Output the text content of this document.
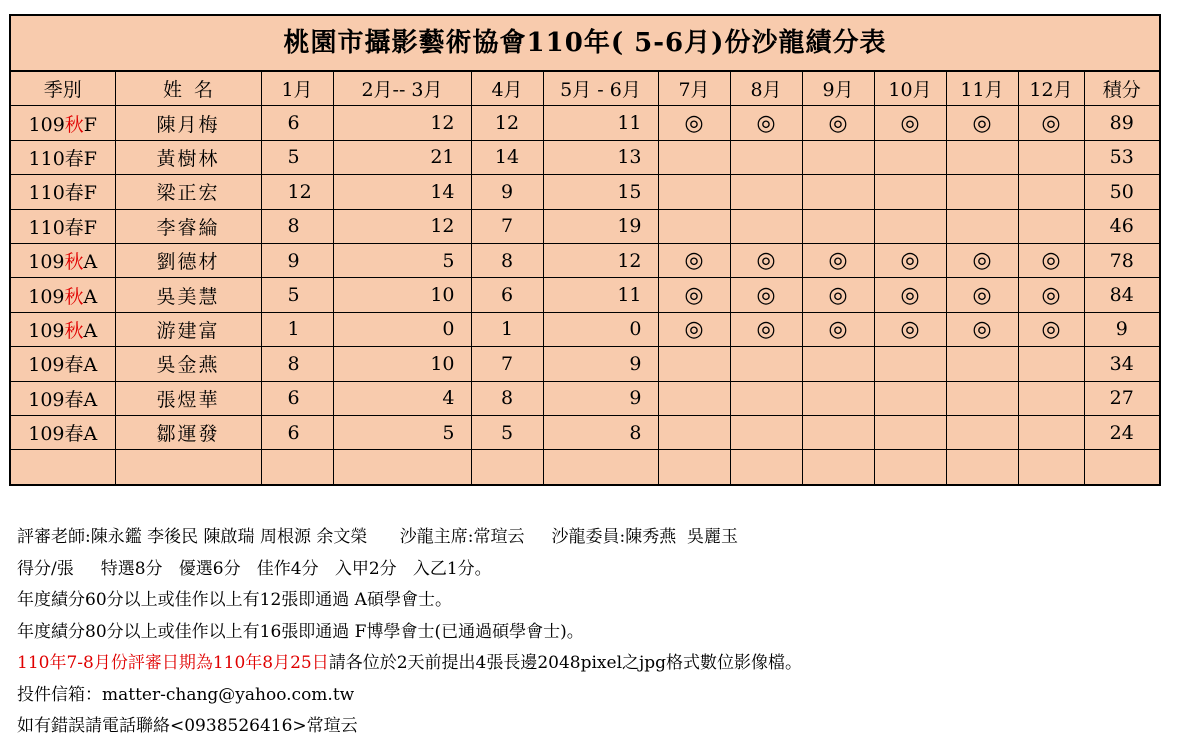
桃園市攝影藝術協會110年( 5-6月)份沙龍績分表
季別	姓  名	1月	2月-- 3月	4月	5月 - 6月	7月	8月	9月	10月	11月	12月	積分
109秋F	陳月梅	6	12	12	11	◎	◎	◎	◎	◎	◎	89
110春F	黃樹林	5	21	14	13							53
110春F	梁正宏	12	14	9	15							50
110春F	李睿綸	8	12	7	19							46
109秋A	劉德材	9	5	8	12	◎	◎	◎	◎	◎	◎	78
109秋A	吳美慧	5	10	6	11	◎	◎	◎	◎	◎	◎	84
109秋A	游建富	1	0	1	0	◎	◎	◎	◎	◎	◎	9
109春A	吳金燕	8	10	7	9							34
109春A	張煜華	6	4	8	9							27
109春A	鄒運發	6	5	5	8							24

評審老師:陳永鑑 李後民 陳啟瑞 周根源 余文榮      沙龍主席:常瑄云     沙龍委員:陳秀燕  吳麗玉
得分/張     特選8分   優選6分   佳作4分   入甲2分   入乙1分。
年度績分60分以上或佳作以上有12張即通過 A碩學會士。
年度績分80分以上或佳作以上有16張即通過 F博學會士(已通過碩學會士)。
110年7-8月份評審日期為110年8月25日請各位於2天前提出4張長邊2048pixel之jpg格式數位影像檔。
投件信箱：matter-chang@yahoo.com.tw
如有錯誤請電話聯絡<0938526416>常瑄云
